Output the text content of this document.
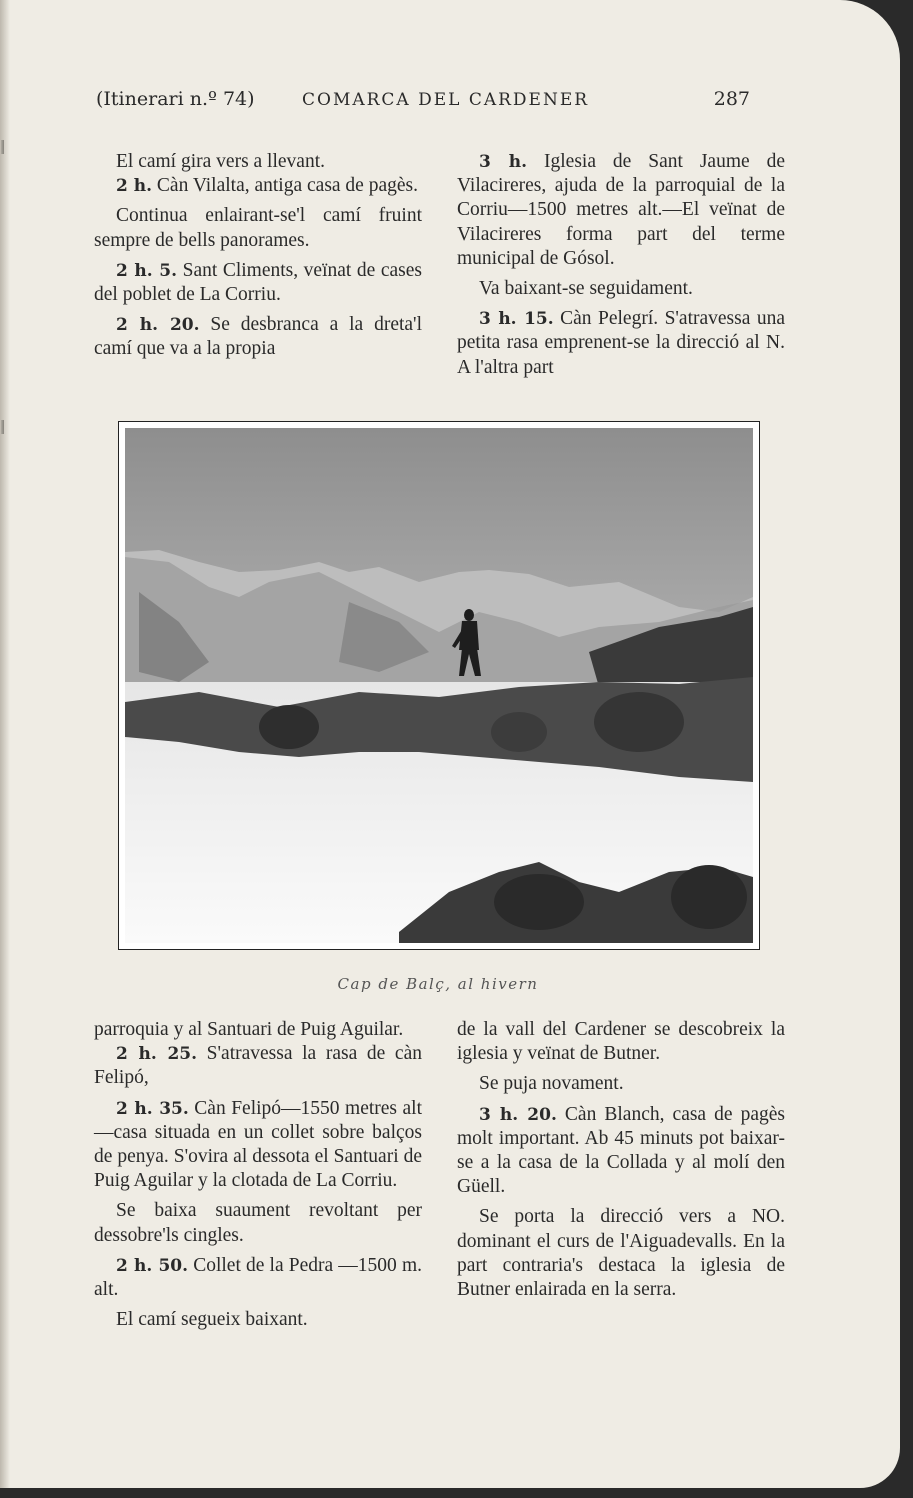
(Itinerari n.º 74)	COMARCA DEL CARDENER	287

El camí gira vers a llevant.

2 h. Càn Vilalta, antiga casa de pagès.

Continua enlairant-se'l camí fruint sempre de bells panorames.

2 h. 5. Sant Climents, veïnat de cases del poblet de La Corriu.

2 h. 20. Se desbranca a la dreta'l camí que va a la propia

3 h. Iglesia de Sant Jaume de Vilacireres, ajuda de la parroquial de la Corriu—1500 metres alt.—El veïnat de Vilacireres forma part del terme municipal de Gósol.

Va baixant-se seguidament.

3 h. 15. Càn Pelegrí. S'atravessa una petita rasa emprenent-se la direcció al N. A l'altra part

Cap de Balç, al hivern

parroquia y al Santuari de Puig Aguilar.

2 h. 25. S'atravessa la rasa de càn Felipó,

2 h. 35. Càn Felipó—1550 metres alt—casa situada en un collet sobre balços de penya. S'ovira al dessota el Santuari de Puig Aguilar y la clotada de La Corriu.

Se baixa suaument revoltant per dessobre'ls cingles.

2 h. 50. Collet de la Pedra —1500 m. alt.

El camí segueix baixant.

de la vall del Cardener se descobreix la iglesia y veïnat de Butner.

Se puja novament.

3 h. 20. Càn Blanch, casa de pagès molt important. Ab 45 minuts pot baixar-se a la casa de la Collada y al molí den Güell.

Se porta la direcció vers a NO. dominant el curs de l'Aiguadevalls. En la part contraria's destaca la iglesia de Butner enlairada en la serra.
